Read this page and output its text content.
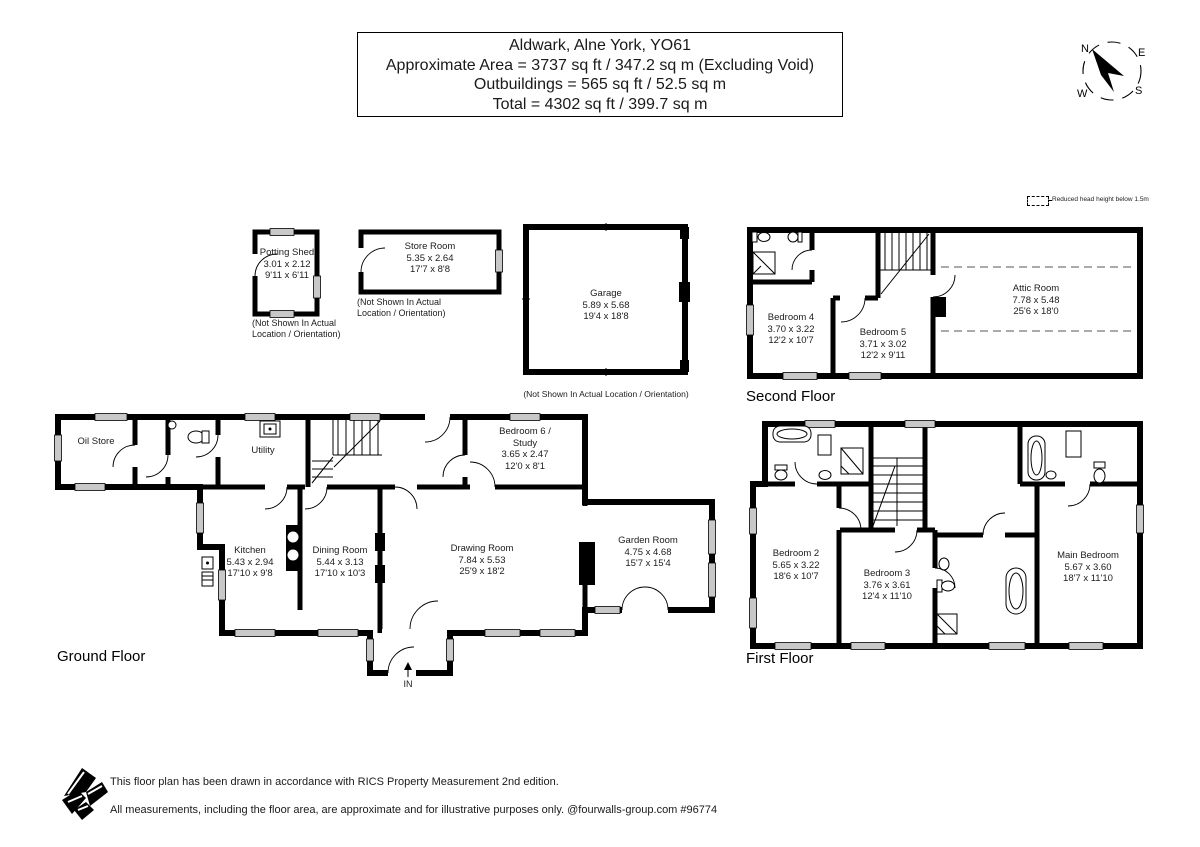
Aldwark, Alne York, YO61
Approximate Area = 3737 sq ft / 347.2 sq m (Excluding Void)
Outbuildings = 565 sq ft / 52.5 sq m
Total = 4302 sq ft / 399.7 sq m
N	E
W	S
Reduced head height below 1.5m
Potting Shed
3.01 x 2.12
9'11 x 6'11
(Not Shown In Actual Location / Orientation)
Store Room
5.35 x 2.64
17'7 x 8'8
(Not Shown In Actual Location / Orientation)
Garage
5.89 x 5.68
19'4 x 18'8
(Not Shown In Actual Location / Orientation)
Bedroom 4
3.70 x 3.22
12'2 x 10'7
Bedroom 5
3.71 x 3.02
12'2 x 9'11
Attic Room
7.78 x 5.48
25'6 x 18'0
Second Floor
Oil Store
Utility
Kitchen
5.43 x 2.94
17'10 x 9'8
Dining Room
5.44 x 3.13
17'10 x 10'3
Drawing Room
7.84 x 5.53
25'9 x 18'2
Bedroom 6 / Study
3.65 x 2.47
12'0 x 8'1
Garden Room
4.75 x 4.68
15'7 x 15'4
IN
Ground Floor
Bedroom 2
5.65 x 3.22
18'6 x 10'7	Bedroom 3
3.76 x 3.61
12'4 x 11'10
Main Bedroom
5.67 x 3.60
18'7 x 11'10
First Floor
This floor plan has been drawn in accordance with RICS Property Measurement 2nd edition.
All measurements, including the floor area, are approximate and for illustrative purposes only. @fourwalls-group.com #96774
